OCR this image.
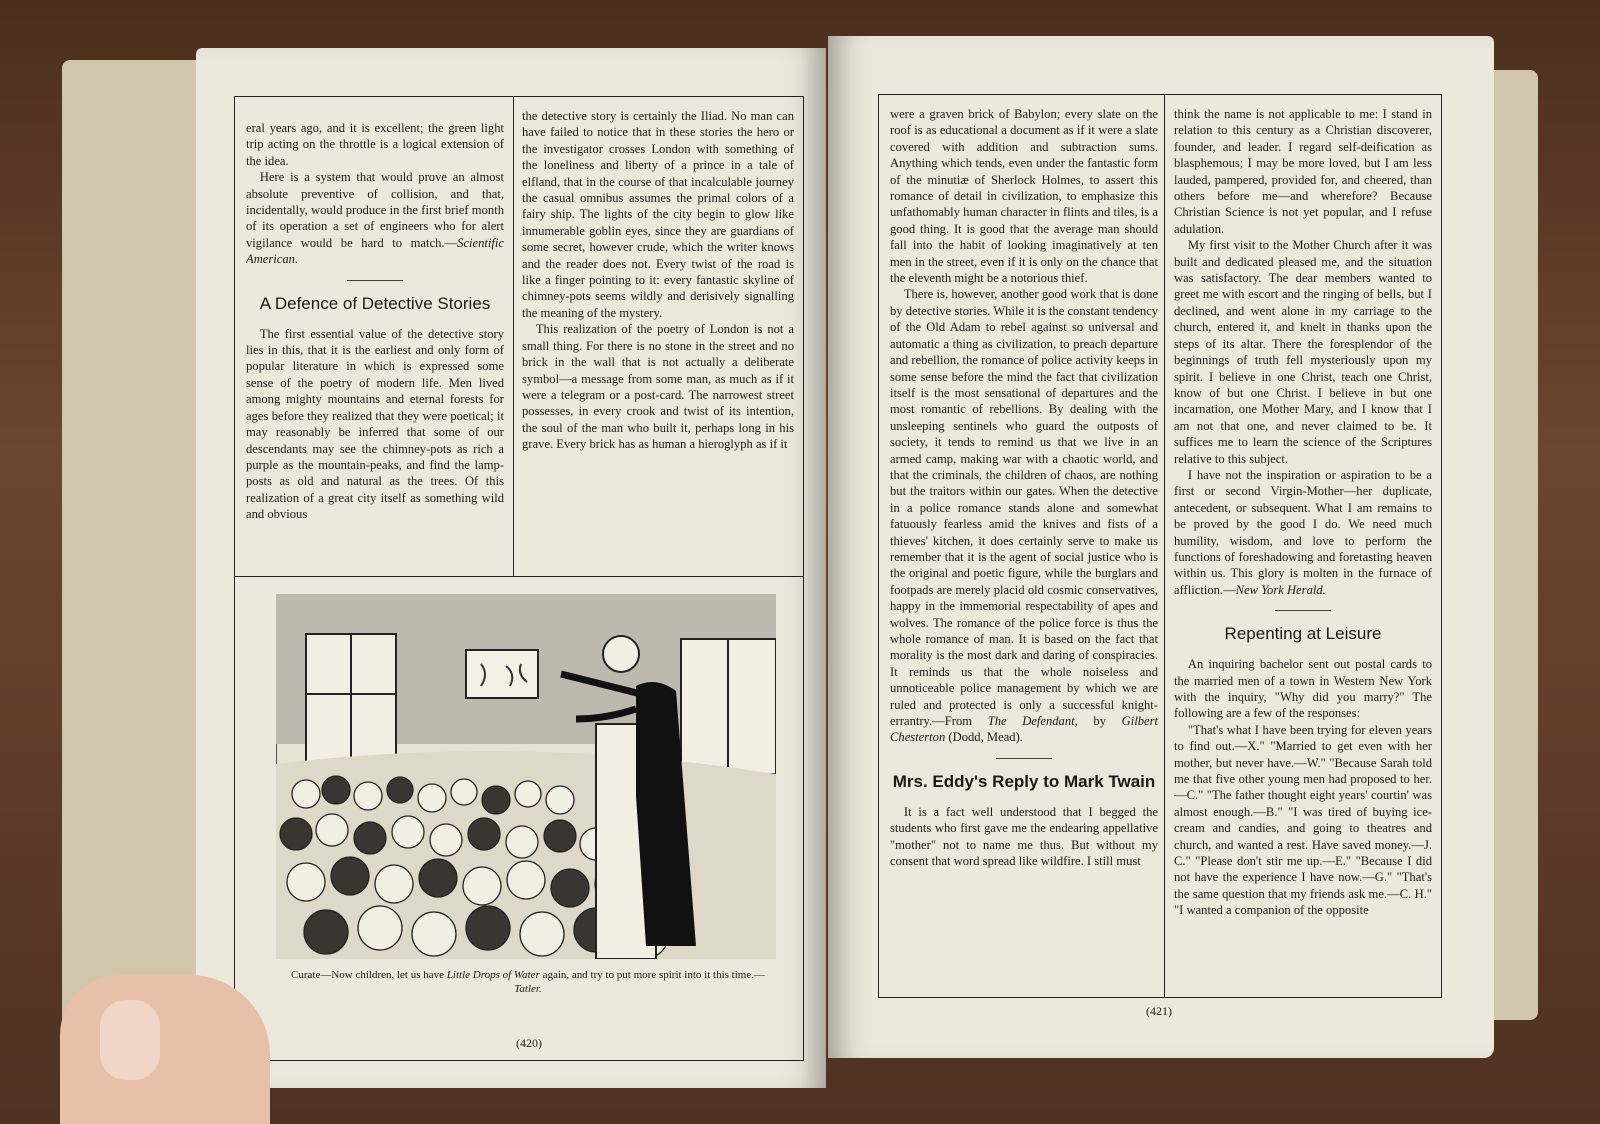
eral years ago, and it is excellent; the green light trip acting on the throttle is a logical extension of the idea.

Here is a system that would prove an almost absolute preventive of collision, and that, incidentally, would produce in the first brief month of its operation a set of engineers who for alert vigilance would be hard to match.—Scientific American.

A Defence of Detective Stories

The first essential value of the detective story lies in this, that it is the earliest and only form of popular literature in which is expressed some sense of the poetry of modern life. Men lived among mighty mountains and eternal forests for ages before they realized that they were poetical; it may reasonably be inferred that some of our descendants may see the chimney-pots as rich a purple as the mountain-peaks, and find the lamp-posts as old and natural as the trees. Of this realization of a great city itself as something wild and obvious

the detective story is certainly the Iliad. No man can have failed to notice that in these stories the hero or the investigator crosses London with something of the loneliness and liberty of a prince in a tale of elfland, that in the course of that incalculable journey the casual omnibus assumes the primal colors of a fairy ship. The lights of the city begin to glow like innumerable goblin eyes, since they are guardians of some secret, however crude, which the writer knows and the reader does not. Every twist of the road is like a finger pointing to it: every fantastic skyline of chimney-pots seems wildly and derisively signalling the meaning of the mystery.

This realization of the poetry of London is not a small thing. For there is no stone in the street and no brick in the wall that is not actually a deliberate symbol—a message from some man, as much as if it were a telegram or a post-card. The narrowest street possesses, in every crook and twist of its intention, the soul of the man who built it, perhaps long in his grave. Every brick has as human a hieroglyph as if it

Curate—Now children, let us have Little Drops of Water again, and try to put more spirit into it this time.—Tatler.
(420)

were a graven brick of Babylon; every slate on the roof is as educational a document as if it were a slate covered with addition and subtraction sums. Anything which tends, even under the fantastic form of the minutiæ of Sherlock Holmes, to assert this romance of detail in civilization, to emphasize this unfathomably human character in flints and tiles, is a good thing. It is good that the average man should fall into the habit of looking imaginatively at ten men in the street, even if it is only on the chance that the eleventh might be a notorious thief.

There is, however, another good work that is done by detective stories. While it is the constant tendency of the Old Adam to rebel against so universal and automatic a thing as civilization, to preach departure and rebellion, the romance of police activity keeps in some sense before the mind the fact that civilization itself is the most sensational of departures and the most romantic of rebellions. By dealing with the unsleeping sentinels who guard the outposts of society, it tends to remind us that we live in an armed camp, making war with a chaotic world, and that the criminals, the children of chaos, are nothing but the traitors within our gates. When the detective in a police romance stands alone and somewhat fatuously fearless amid the knives and fists of a thieves' kitchen, it does certainly serve to make us remember that it is the agent of social justice who is the original and poetic figure, while the burglars and footpads are merely placid old cosmic conservatives, happy in the immemorial respectability of apes and wolves. The romance of the police force is thus the whole romance of man. It is based on the fact that morality is the most dark and daring of conspiracies. It reminds us that the whole noiseless and unnoticeable police management by which we are ruled and protected is only a successful knight-errantry.—From The Defendant, by Gilbert Chesterton (Dodd, Mead).

Mrs. Eddy's Reply to Mark Twain

It is a fact well understood that I begged the students who first gave me the endearing appellative "mother" not to name me thus. But without my consent that word spread like wildfire. I still must

think the name is not applicable to me: I stand in relation to this century as a Christian discoverer, founder, and leader. I regard self-deification as blasphemous; I may be more loved, but I am less lauded, pampered, provided for, and cheered, than others before me—and wherefore? Because Christian Science is not yet popular, and I refuse adulation.

My first visit to the Mother Church after it was built and dedicated pleased me, and the situation was satisfactory. The dear members wanted to greet me with escort and the ringing of bells, but I declined, and went alone in my carriage to the church, entered it, and knelt in thanks upon the steps of its altar. There the foresplendor of the beginnings of truth fell mysteriously upon my spirit. I believe in one Christ, teach one Christ, know of but one Christ. I believe in but one incarnation, one Mother Mary, and I know that I am not that one, and never claimed to be. It suffices me to learn the science of the Scriptures relative to this subject.

I have not the inspiration or aspiration to be a first or second Virgin-Mother—her duplicate, antecedent, or subsequent. What I am remains to be proved by the good I do. We need much humility, wisdom, and love to perform the functions of foreshadowing and foretasting heaven within us. This glory is molten in the furnace of affliction.—New York Herald.

Repenting at Leisure

An inquiring bachelor sent out postal cards to the married men of a town in Western New York with the inquiry, "Why did you marry?" The following are a few of the responses:

"That's what I have been trying for eleven years to find out.—X." "Married to get even with her mother, but never have.—W." "Because Sarah told me that five other young men had proposed to her.—C." "The father thought eight years' courtin' was almost enough.—B." "I was tired of buying ice-cream and candies, and going to theatres and church, and wanted a rest. Have saved money.—J. C." "Please don't stir me up.—E." "Because I did not have the experience I have now.—G." "That's the same question that my friends ask me.—C. H." "I wanted a companion of the opposite

(421)
